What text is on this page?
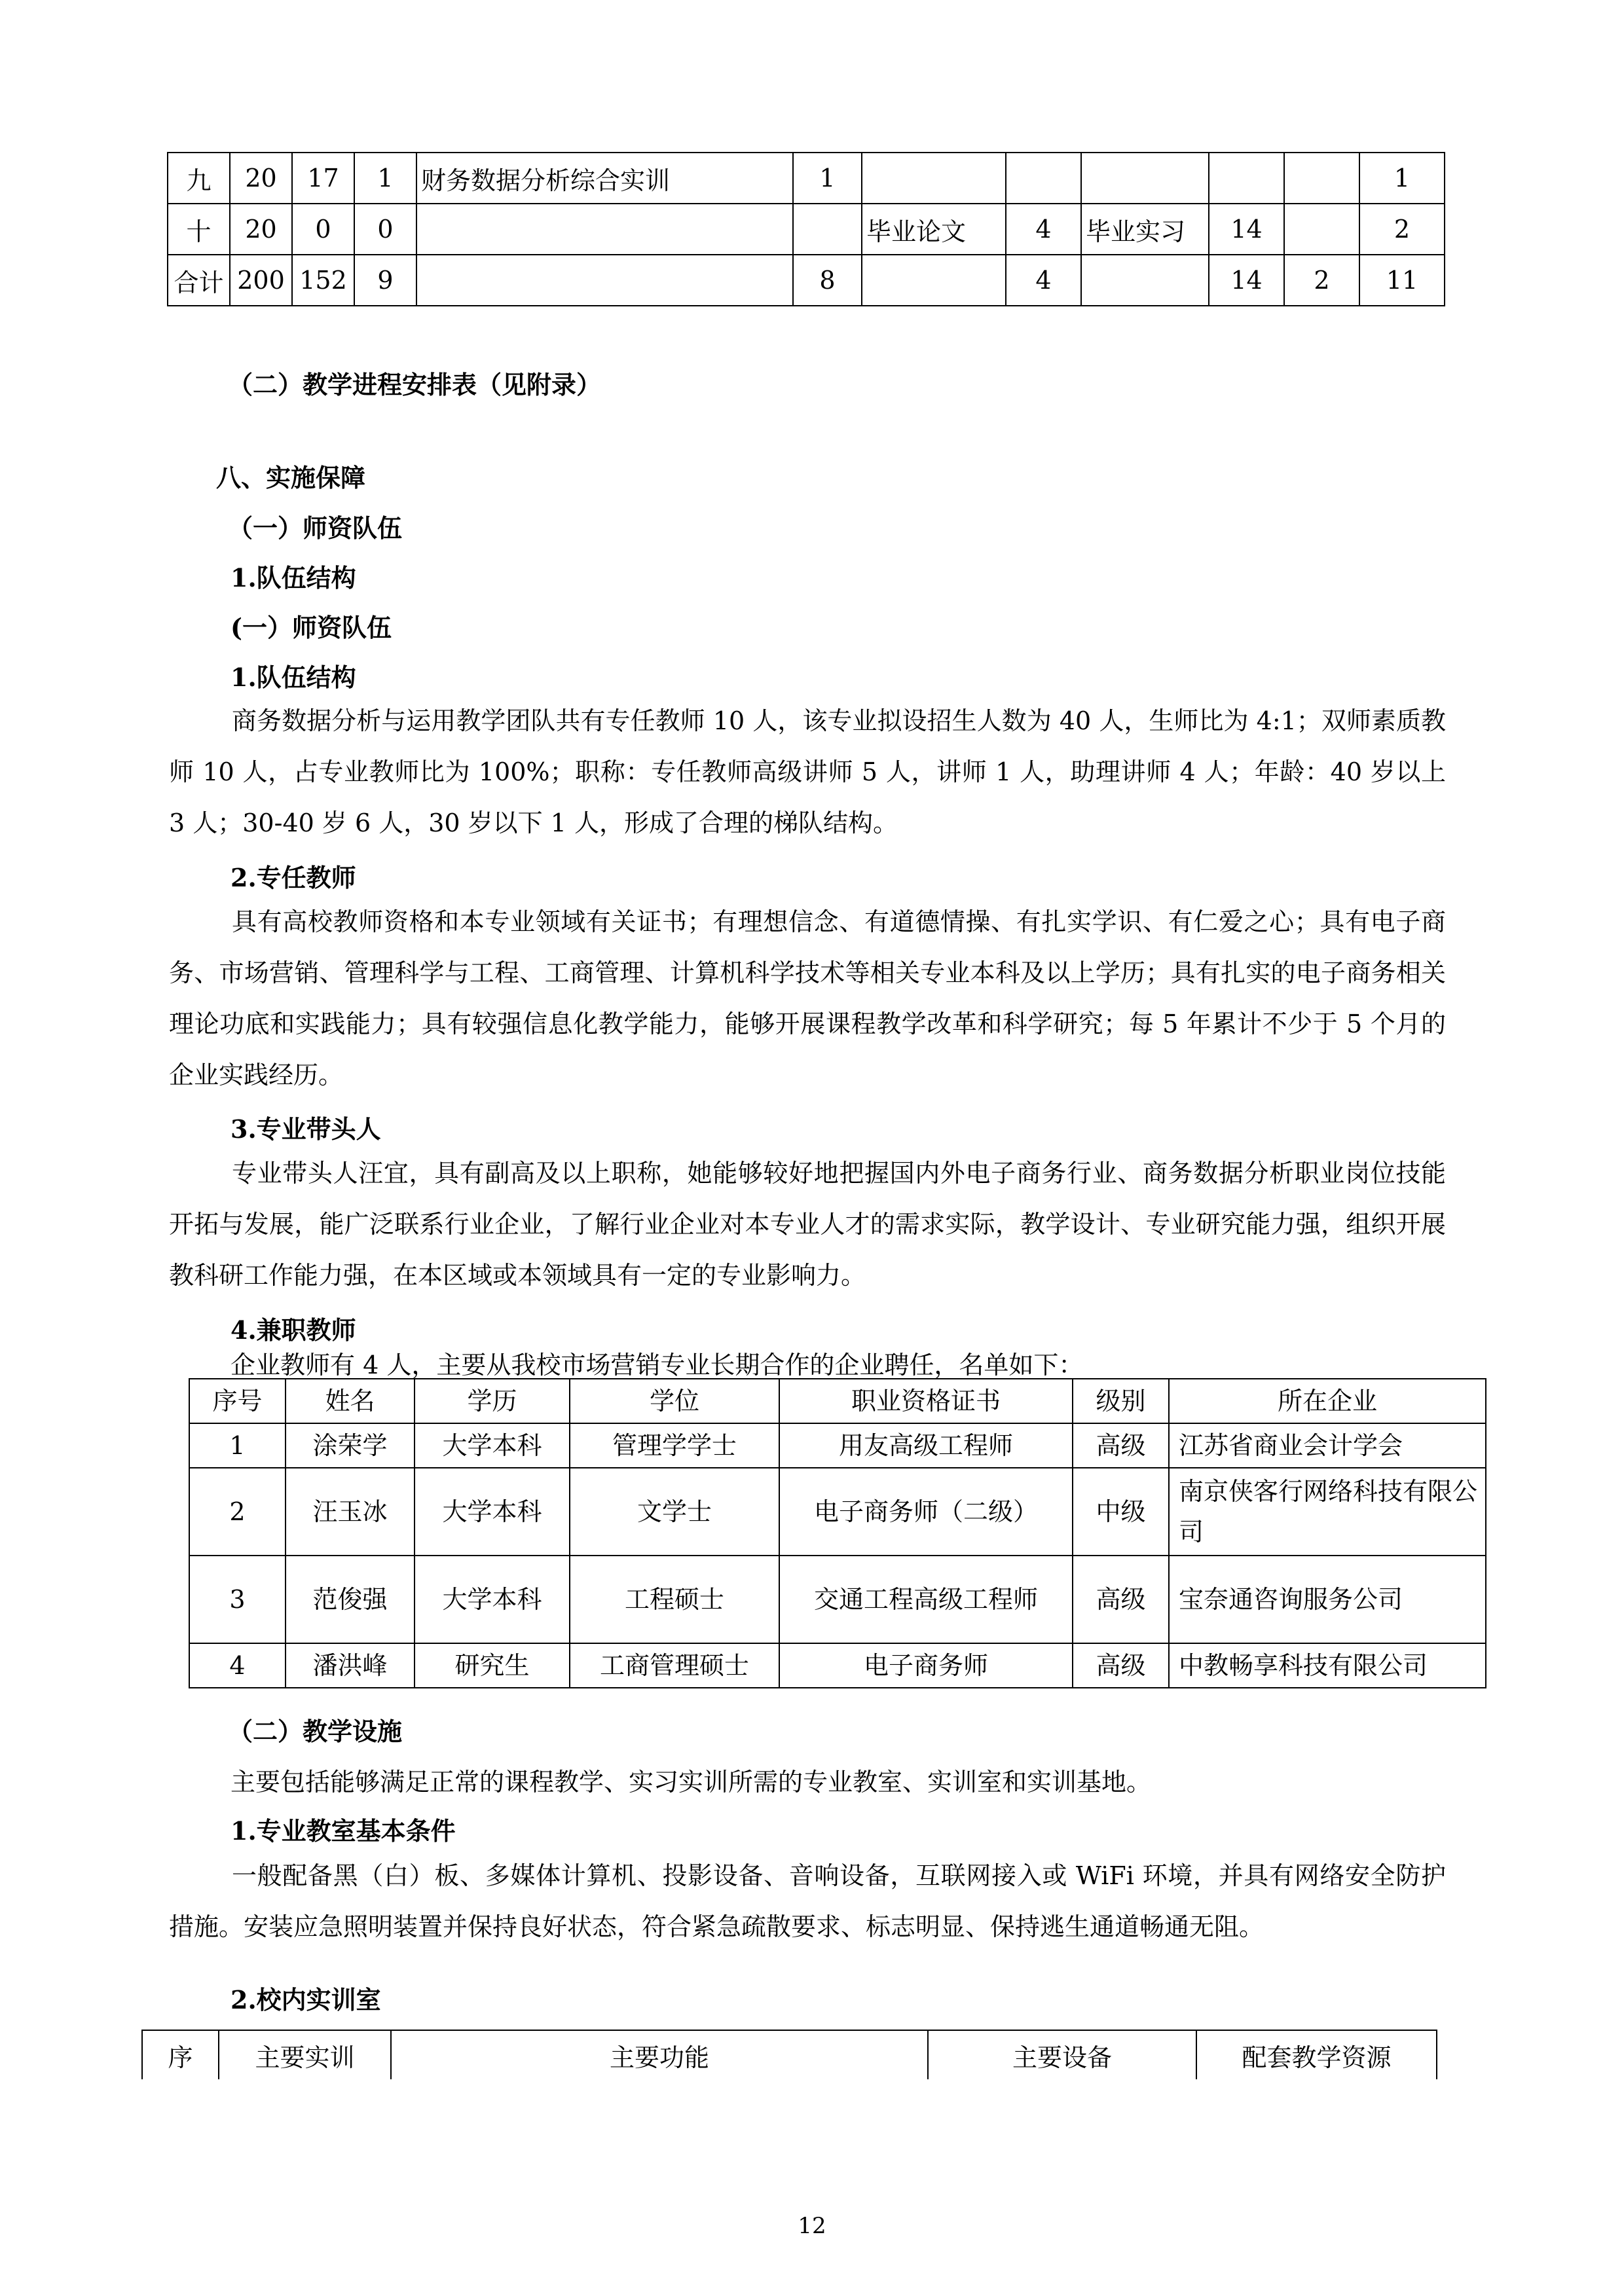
九	20	17	1	财务数据分析综合实训	1						1
十	20	0	0			毕业论文	4	毕业实习	14		2
合计	200	152	9		8		4		14	2	11
（二）教学进程安排表（见附录）
八、实施保障
（一）师资队伍
1.队伍结构
(一）师资队伍
1.队伍结构
商务数据分析与运用教学团队共有专任教师 10 人，该专业拟设招生人数为 40 人，生师比为 4:1；双师素质教师 10 人，占专业教师比为 100%；职称：专任教师高级讲师 5 人，讲师 1 人，助理讲师 4 人；年龄：40 岁以上 3 人；30-40 岁 6 人，30 岁以下 1 人，形成了合理的梯队结构。
2.专任教师
具有高校教师资格和本专业领域有关证书；有理想信念、有道德情操、有扎实学识、有仁爱之心；具有电子商务、市场营销、管理科学与工程、工商管理、计算机科学技术等相关专业本科及以上学历；具有扎实的电子商务相关理论功底和实践能力；具有较强信息化教学能力，能够开展课程教学改革和科学研究；每 5 年累计不少于 5 个月的企业实践经历。
3.专业带头人
专业带头人汪宜，具有副高及以上职称，她能够较好地把握国内外电子商务行业、商务数据分析职业岗位技能开拓与发展，能广泛联系行业企业，了解行业企业对本专业人才的需求实际，教学设计、专业研究能力强，组织开展教科研工作能力强，在本区域或本领域具有一定的专业影响力。
4.兼职教师
企业教师有 4 人，主要从我校市场营销专业长期合作的企业聘任，名单如下：
序号	姓名	学历	学位	职业资格证书	级别	所在企业
1	涂荣学	大学本科	管理学学士	用友高级工程师	高级	江苏省商业会计学会
2	汪玉冰	大学本科	文学士	电子商务师（二级）	中级	南京侠客行网络科技有限公司
3	范俊强	大学本科	工程硕士	交通工程高级工程师	高级	宝奈通咨询服务公司
4	潘洪峰	研究生	工商管理硕士	电子商务师	高级	中教畅享科技有限公司
（二）教学设施
主要包括能够满足正常的课程教学、实习实训所需的专业教室、实训室和实训基地。
1.专业教室基本条件
一般配备黑（白）板、多媒体计算机、投影设备、音响设备，互联网接入或 WiFi 环境，并具有网络安全防护措施。安装应急照明装置并保持良好状态，符合紧急疏散要求、标志明显、保持逃生通道畅通无阻。
2.校内实训室
序	主要实训	主要功能	主要设备	配套教学资源
12
